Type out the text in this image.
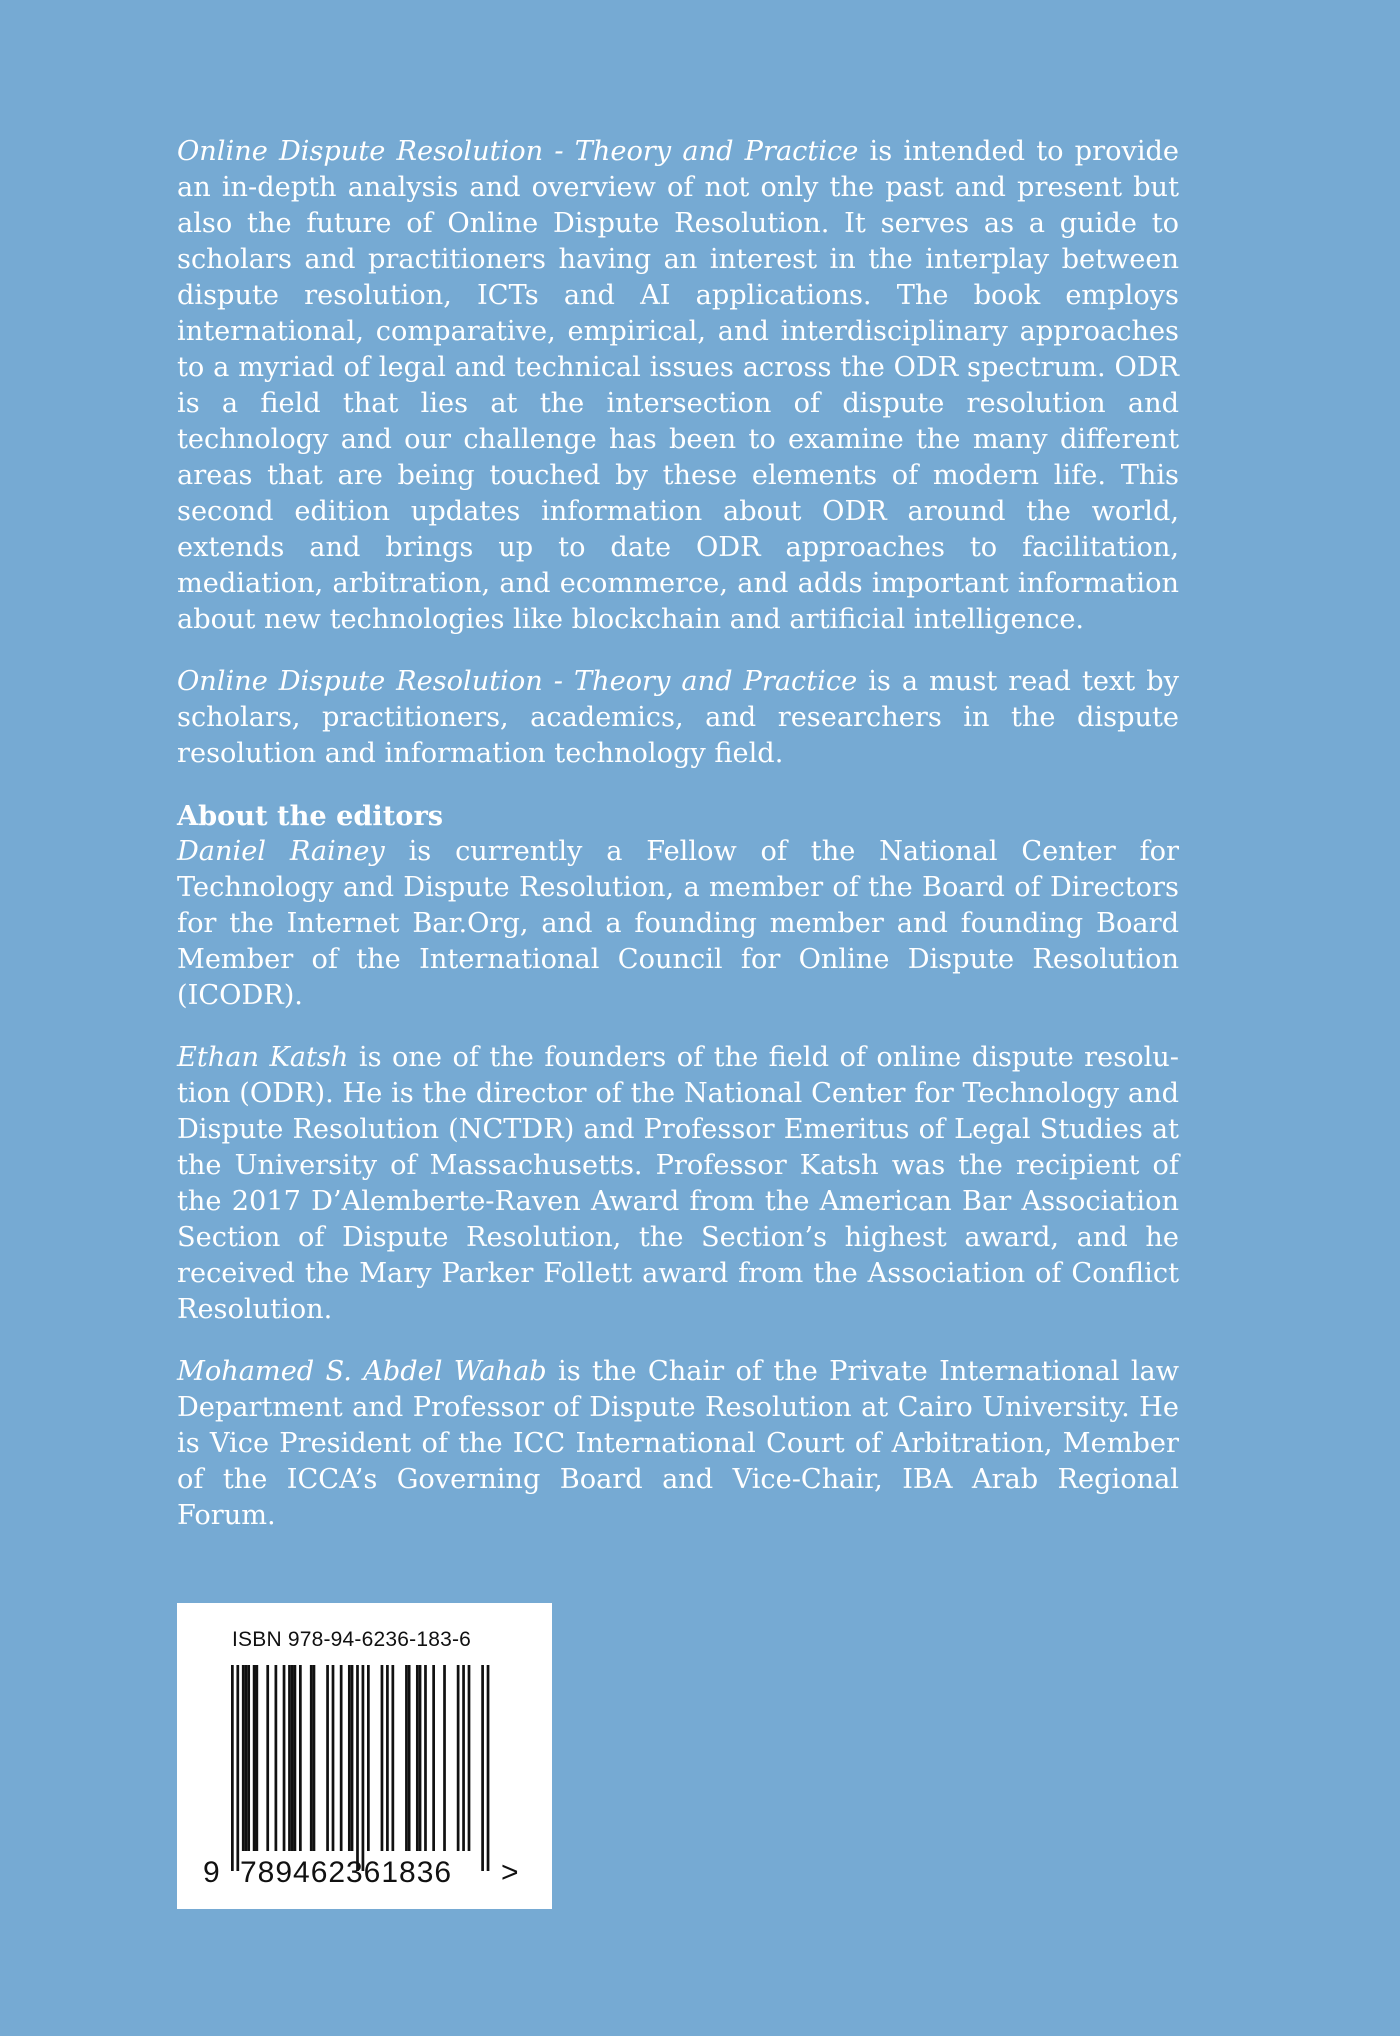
Online Dispute Resolution - Theory and Practice is intended to provide an in-depth analysis and overview of not only the past and present but also the future of Online Dispute Resolution. It serves as a guide to scholars and practitioners having an interest in the interplay between dispute resolution, ICTs and AI applications. The book employs international, comparative, empirical, and interdisciplinary approaches to a myriad of legal and technical issues across the ODR spectrum. ODR is a field that lies at the intersection of dispute resolution and technology and our challenge has been to examine the many different areas that are being touched by these elements of modern life. This second edition updates information about ODR around the world, extends and brings up to date ODR approaches to facilitation, mediation, arbitration, and ecommerce, and adds important information about new technologies like blockchain and artificial intelligence.

Online Dispute Resolution - Theory and Practice is a must read text by scholars, practitioners, academics, and researchers in the dispute resolution and information technology field.

About the editors

Daniel Rainey is currently a Fellow of the National Center for Technology and Dispute Resolution, a member of the Board of Directors for the Internet Bar.Org, and a founding member and founding Board Member of the International Council for Online Dispute Resolution (ICODR).

Ethan Katsh is one of the founders of the field of online dispute resolution (ODR). He is the director of the National Center for Technology and Dispute Resolution (NCTDR) and Professor Emeritus of Legal Studies at the University of Massachusetts. Professor Katsh was the recipient of the 2017 D’Alemberte-Raven Award from the American Bar Association Section of Dispute Resolution, the Section’s highest award, and he received the Mary Parker Follett award from the Association of Conflict Resolution.

Mohamed S. Abdel Wahab is the Chair of the Private International law Department and Professor of Dispute Resolution at Cairo University. He is Vice President of the ICC International Court of Arbitration, Member of the ICCA’s Governing Board and Vice-Chair, IBA Arab Regional Forum.

ISBN 978-94-6236-183-6
9 789462 361836 >
